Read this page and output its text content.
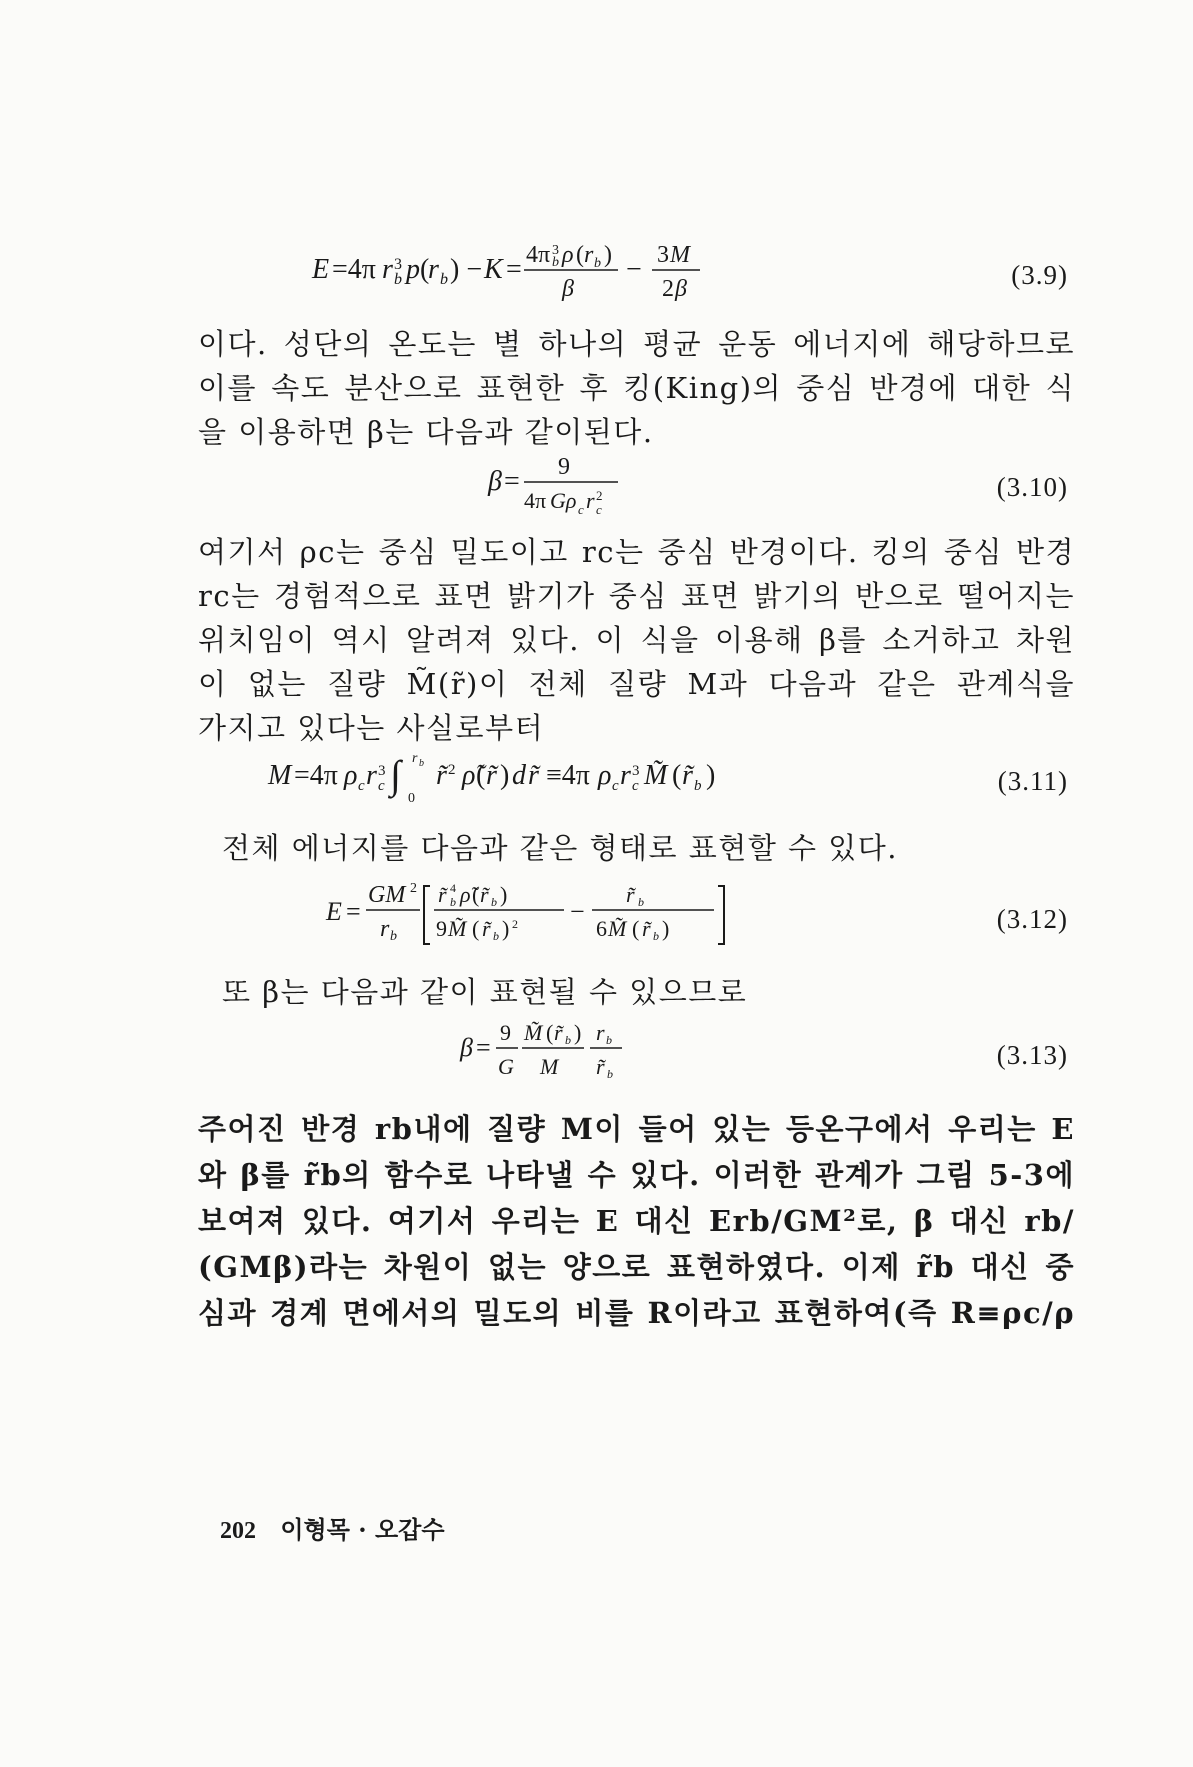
E =4π r 3
b p (
r b ) − K = 4π 3
b ρ ( r b )
β
− 3 M
2 β	(3.9)
이다. 성단의 온도는 별 하나의 평균 운동 에너지에 해당하므로
이를 속도 분산으로 표현한 후 킹(King)의 중심 반경에 대한 식
을 이용하면 β는 다음과 같이된다.
β = 9
4π Gρ c r 2
c
(3.10)
여기서 ρc는 중심 밀도이고 rc는 중심 반경이다. 킹의 중심 반경
rc는 경험적으로 표면 밝기가 중심 표면 밝기의 반으로 떨어지는
위치임이 역시 알려져 있다. 이 식을 이용해 β를 소거하고 차원
이 없는 질량 M̃(r̃)이 전체 질량 M과 다음과 같은 관계식을
가지고 있다는 사실로부터
M =4π ρ c r 3
c ∫ r b
0
r̃ 2 ρ̃ ( r̃ ) d r̃ ≡4π ρ c r 3
c M̃ ( r̃ b )	(3.11)
전체 에너지를 다음과 같은 형태로 표현할 수 있다.
E =
GM 2
r b
r̃ 4
b ρ̃ ( r̃ b )
9 M̃ ( r̃ b ) 2 −
r̃ b
6 M̃ ( r̃ b )	(3.12)
또 β는 다음과 같이 표현될 수 있으므로
β =
9
G
M̃ ( r̃ b )
M
r b
r̃ b
(3.13)
주어진 반경 rb내에 질량 M이 들어 있는 등온구에서 우리는 E
와 β를 r̃b의 함수로 나타낼 수 있다. 이러한 관계가 그림 5-3에
보여져 있다. 여기서 우리는 E 대신 Erb/GM²로, β 대신 rb/
(GMβ)라는 차원이 없는 양으로 표현하였다. 이제 r̃b 대신 중
심과 경계 면에서의 밀도의 비를 R이라고 표현하여(즉 R≡ρc/ρ
202 이형목 · 오갑수
